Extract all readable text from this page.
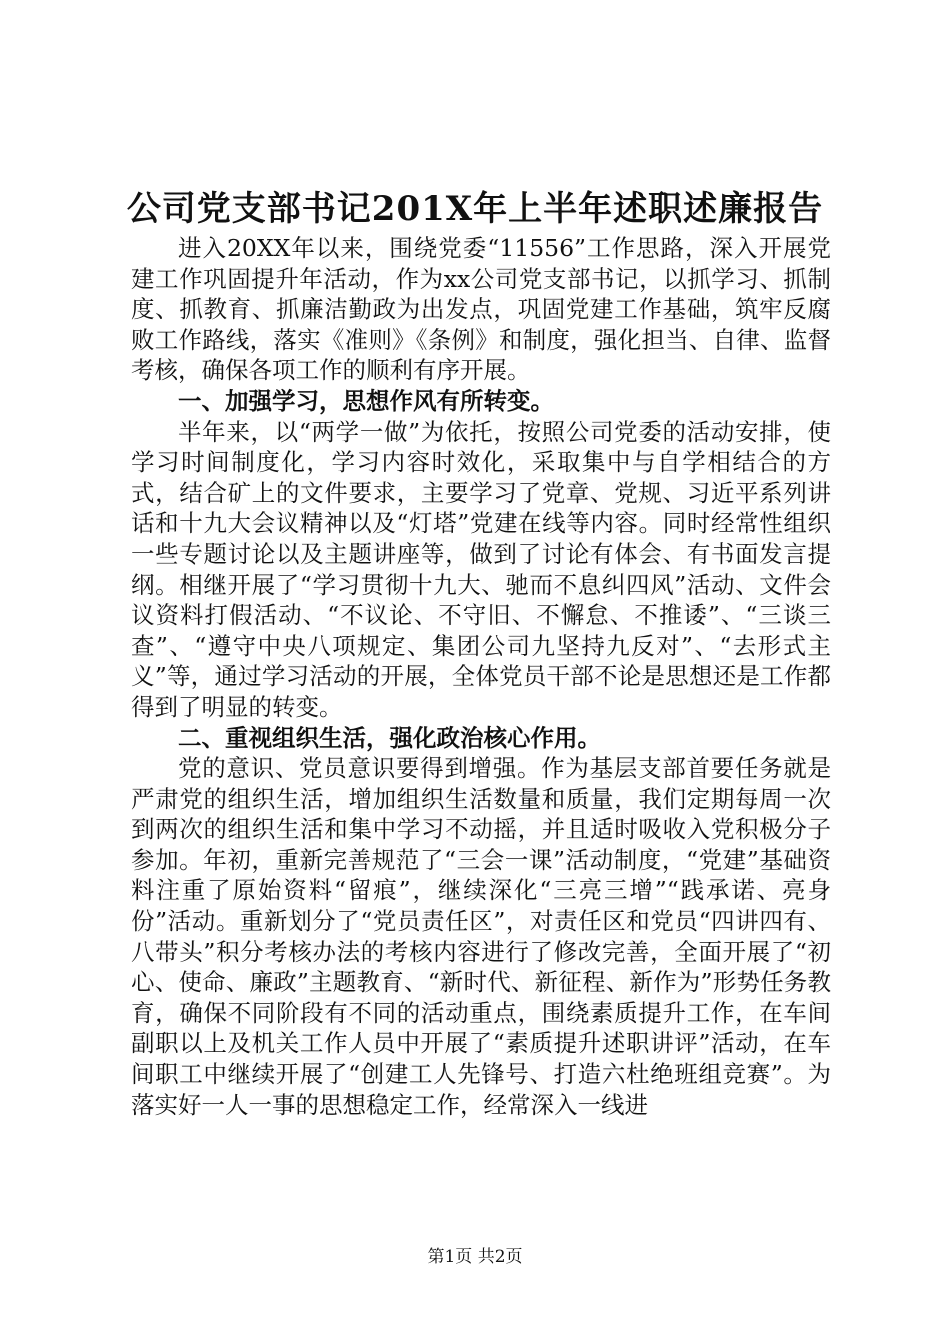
公司党支部书记201X年上半年述职述廉报告

进入20XX年以来，围绕党委“11556”工作思路，深入开展党建工作巩固提升年活动，作为xx公司党支部书记，以抓学习、抓制度、抓教育、抓廉洁勤政为出发点，巩固党建工作基础，筑牢反腐败工作路线，落实《准则》《条例》和制度，强化担当、自律、监督考核，确保各项工作的顺利有序开展。

一、加强学习，思想作风有所转变。

半年来，以“两学一做”为依托，按照公司党委的活动安排，使学习时间制度化，学习内容时效化，采取集中与自学相结合的方式，结合矿上的文件要求，主要学习了党章、党规、习近平系列讲话和十九大会议精神以及“灯塔”党建在线等内容。同时经常性组织一些专题讨论以及主题讲座等，做到了讨论有体会、有书面发言提纲。相继开展了“学习贯彻十九大、驰而不息纠四风”活动、文件会议资料打假活动、“不议论、不守旧、不懈怠、不推诿”、“三谈三查”、“遵守中央八项规定、集团公司九坚持九反对”、“去形式主义”等，通过学习活动的开展，全体党员干部不论是思想还是工作都得到了明显的转变。

二、重视组织生活，强化政治核心作用。

党的意识、党员意识要得到增强。作为基层支部首要任务就是严肃党的组织生活，增加组织生活数量和质量，我们定期每周一次到两次的组织生活和集中学习不动摇，并且适时吸收入党积极分子参加。年初，重新完善规范了“三会一课”活动制度，“党建”基础资料注重了原始资料“留痕”，继续深化“三亮三增”“践承诺、亮身份”活动。重新划分了“党员责任区”，对责任区和党员“四讲四有、八带头”积分考核办法的考核内容进行了修改完善，全面开展了“初心、使命、廉政”主题教育、“新时代、新征程、新作为”形势任务教育，确保不同阶段有不同的活动重点，围绕素质提升工作，在车间副职以上及机关工作人员中开展了“素质提升述职讲评”活动，在车间职工中继续开展了“创建工人先锋号、打造六杜绝班组竞赛”。为落实好一人一事的思想稳定工作，经常深入一线进

第1页 共2页
